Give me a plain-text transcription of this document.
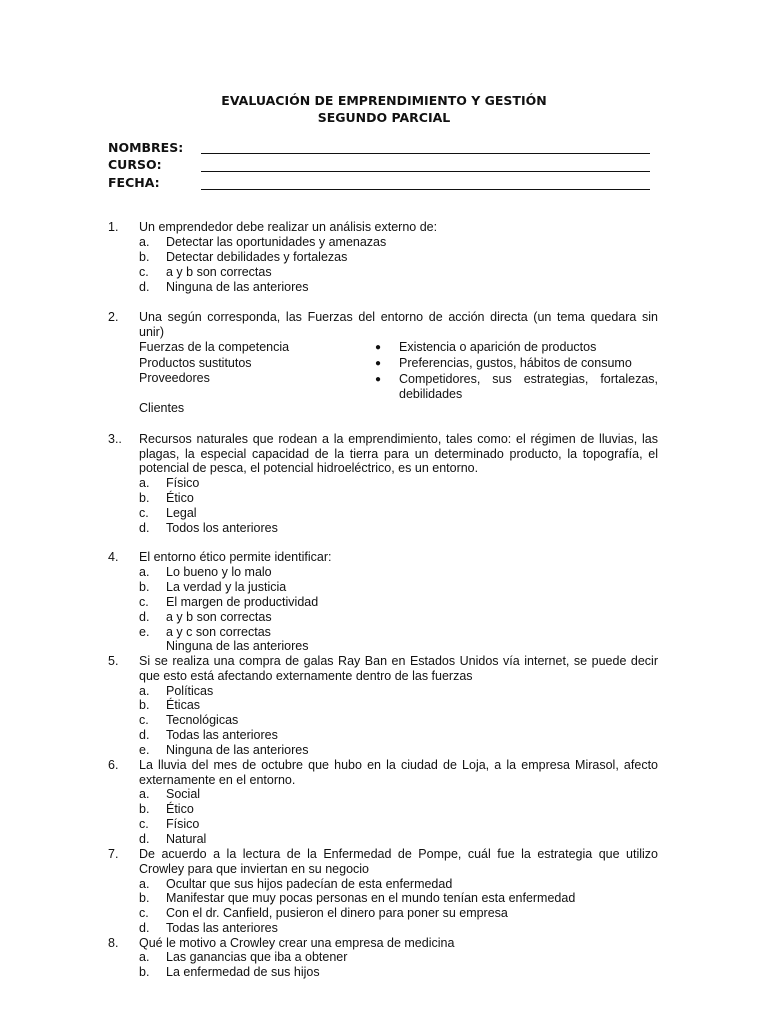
EVALUACIÓN DE EMPRENDIMIENTO Y GESTIÓN
SEGUNDO PARCIAL
NOMBRES:
CURSO:
FECHA:
1. Un emprendedor debe realizar un análisis externo de:
a. Detectar las oportunidades y amenazas
b. Detectar debilidades y fortalezas
c. a y b son correctas
d. Ninguna de las anteriores
2. Una según corresponda, las Fuerzas del entorno de acción directa (un tema quedara sin
unir)
Fuerzas de la competencia
Productos sustitutos
Proveedores
Clientes
● Existencia o aparición de productos
● Preferencias, gustos, hábitos de consumo
● Competidores, sus estrategias, fortalezas,
debilidades
3.. Recursos naturales que rodean a la emprendimiento, tales como: el régimen de lluvias, las
plagas, la especial capacidad de la tierra para un determinado producto, la topografía, el
potencial de pesca, el potencial hidroeléctrico, es un entorno.
a. Físico
b. Ético
c. Legal
d. Todos los anteriores
4. El entorno ético permite identificar:
a. Lo bueno y lo malo
b. La verdad y la justicia
c. El margen de productividad
d. a y b son correctas
e. a y c son correctas
Ninguna de las anteriores
5. Si se realiza una compra de galas Ray Ban en Estados Unidos vía internet, se puede decir
que esto está afectando externamente dentro de las fuerzas
a. Políticas
b. Éticas
c. Tecnológicas
d. Todas las anteriores
e. Ninguna de las anteriores
6. La lluvia del mes de octubre que hubo en la ciudad de Loja, a la empresa Mirasol, afecto
externamente en el entorno.
a. Social
b. Ético
c. Físico
d. Natural
7. De acuerdo a la lectura de la Enfermedad de Pompe, cuál fue la estrategia que utilizo
Crowley para que inviertan en su negocio
a. Ocultar que sus hijos padecían de esta enfermedad
b. Manifestar que muy pocas personas en el mundo tenían esta enfermedad
c. Con el dr. Canfield, pusieron el dinero para poner su empresa
d. Todas las anteriores
8. Qué le motivo a Crowley crear una empresa de medicina
a. Las ganancias que iba a obtener
b. La enfermedad de sus hijos
